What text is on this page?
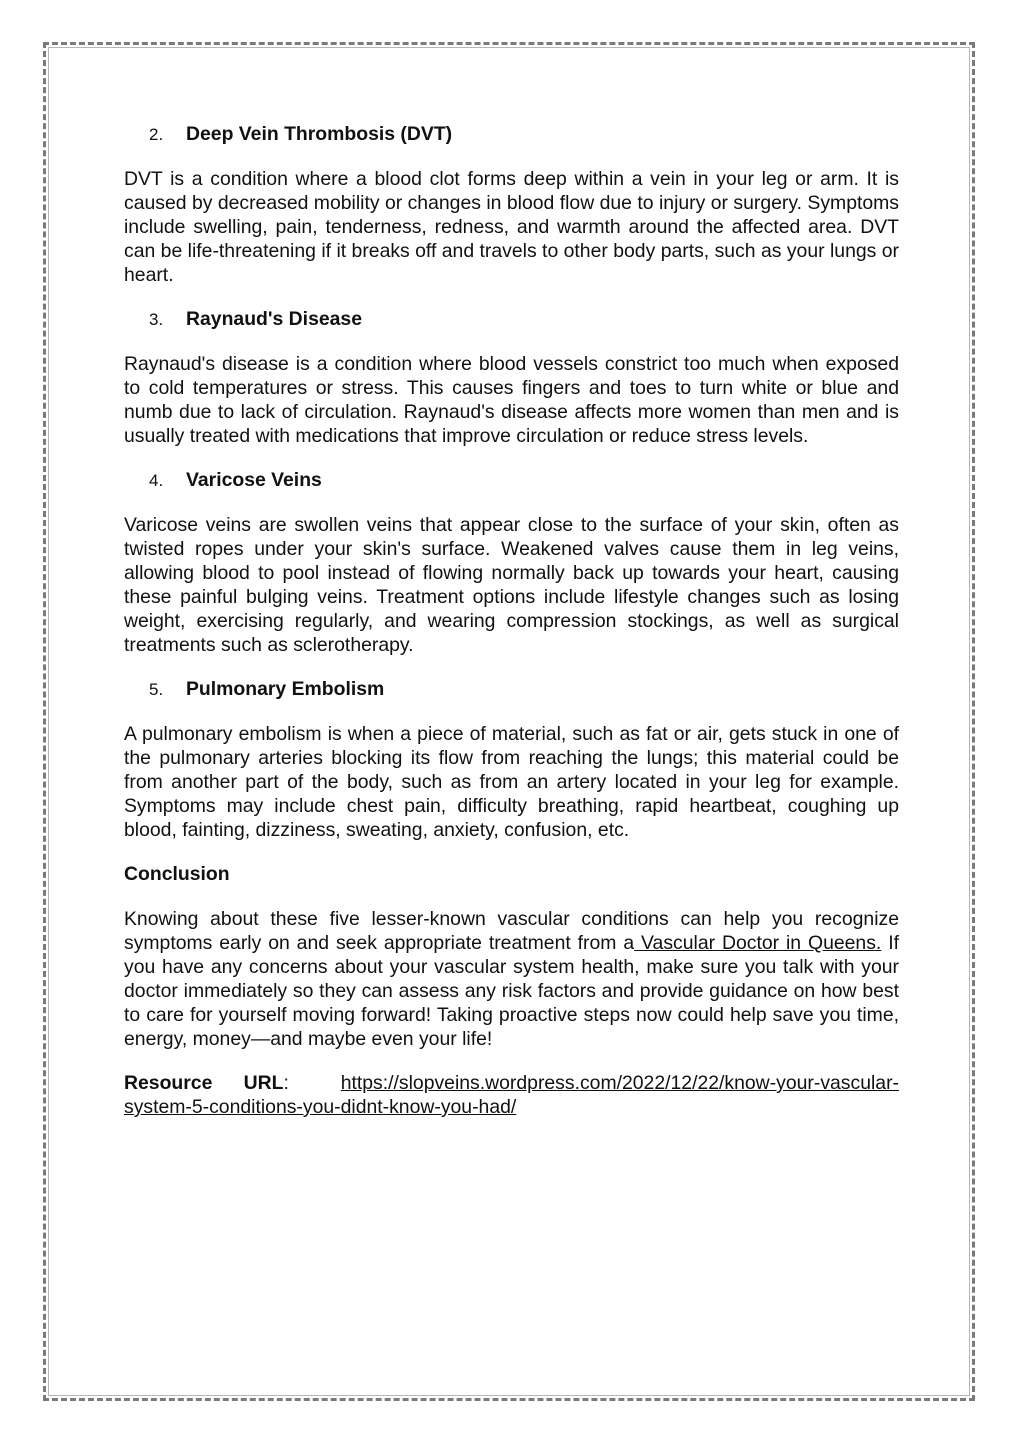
2. Deep Vein Thrombosis (DVT)

DVT is a condition where a blood clot forms deep within a vein in your leg or arm. It is caused by decreased mobility or changes in blood flow due to injury or surgery. Symptoms include swelling, pain, tenderness, redness, and warmth around the affected area. DVT can be life-threatening if it breaks off and travels to other body parts, such as your lungs or heart.

3. Raynaud's Disease

Raynaud's disease is a condition where blood vessels constrict too much when exposed to cold temperatures or stress. This causes fingers and toes to turn white or blue and numb due to lack of circulation. Raynaud's disease affects more women than men and is usually treated with medications that improve circulation or reduce stress levels.

4. Varicose Veins

Varicose veins are swollen veins that appear close to the surface of your skin, often as twisted ropes under your skin's surface. Weakened valves cause them in leg veins, allowing blood to pool instead of flowing normally back up towards your heart, causing these painful bulging veins. Treatment options include lifestyle changes such as losing weight, exercising regularly, and wearing compression stockings, as well as surgical treatments such as sclerotherapy.

5. Pulmonary Embolism

A pulmonary embolism is when a piece of material, such as fat or air, gets stuck in one of the pulmonary arteries blocking its flow from reaching the lungs; this material could be from another part of the body, such as from an artery located in your leg for example. Symptoms may include chest pain, difficulty breathing, rapid heartbeat, coughing up blood, fainting, dizziness, sweating, anxiety, confusion, etc.

Conclusion

Knowing about these five lesser-known vascular conditions can help you recognize symptoms early on and seek appropriate treatment from a Vascular Doctor in Queens. If you have any concerns about your vascular system health, make sure you talk with your doctor immediately so they can assess any risk factors and provide guidance on how best to care for yourself moving forward! Taking proactive steps now could help save you time, energy, money—and maybe even your life!

Resource URL:	https://slopveins.wordpress.com/2022/12/22/know-your-vascular-system-5-conditions-you-didnt-know-you-had/
